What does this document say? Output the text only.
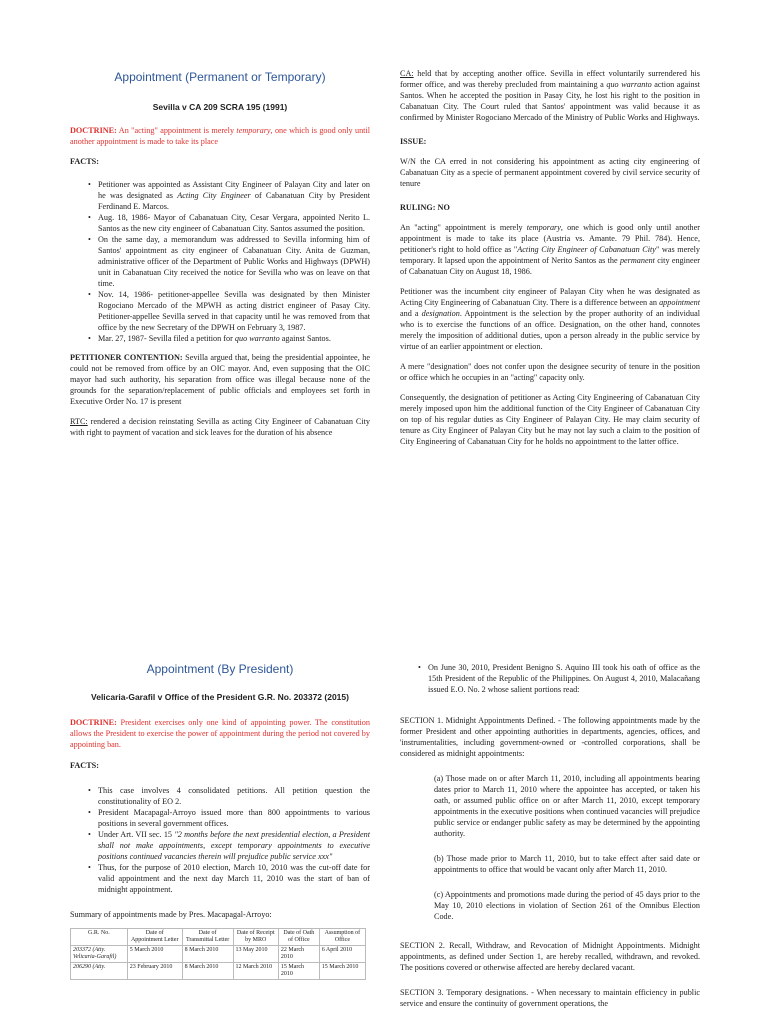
Appointment (Permanent or Temporary)
Sevilla v CA 209 SCRA 195 (1991)

DOCTRINE: An "acting" appointment is merely temporary, one which is good only until another appointment is made to take its place

FACTS:

• Petitioner was appointed as Assistant City Engineer of Palayan City and later on he was designated as Acting City Engineer of Cabanatuan City by President Ferdinand E. Marcos.
• Aug. 18, 1986- Mayor of Cabanatuan City, Cesar Vergara, appointed Nerito L. Santos as the new city engineer of Cabanatuan City. Santos assumed the position.
• On the same day, a memorandum was addressed to Sevilla informing him of Santos' appointment as city engineer of Cabanatuan City. Anita de Guzman, administrative officer of the Department of Public Works and Highways (DPWH) unit in Cabanatuan City received the notice for Sevilla who was on leave on that time.
• Nov. 14, 1986- petitioner-appellee Sevilla was designated by then Minister Rogociano Mercado of the MPWH as acting district engineer of Pasay City. Petitioner-appellee Sevilla served in that capacity until he was removed from that office by the new Secretary of the DPWH on February 3, 1987.
• Mar. 27, 1987- Sevilla filed a petition for quo warranto against Santos.

PETITIONER CONTENTION: Sevilla argued that, being the presidential appointee, he could not be removed from office by an OIC mayor. And, even supposing that the OIC mayor had such authority, his separation from office was illegal because none of the grounds for the separation/replacement of public officials and employees set forth in Executive Order No. 17 is present

RTC: rendered a decision reinstating Sevilla as acting City Engineer of Cabanatuan City with right to payment of vacation and sick leaves for the duration of his absence

CA: held that by accepting another office. Sevilla in effect voluntarily surrendered his former office, and was thereby precluded from maintaining a quo warranto action against Santos. When he accepted the position in Pasay City, he lost his right to the position in Cabanatuan City. The Court ruled that Santos' appointment was valid because it as confirmed by Minister Rogociano Mercado of the Ministry of Public Works and Highways.

ISSUE:

W/N the CA erred in not considering his appointment as acting city engineering of Cabanatuan City as a specie of permanent appointment covered by civil service security of tenure

RULING: NO

An "acting" appointment is merely temporary, one which is good only until another appointment is made to take its place (Austria vs. Amante. 79 Phil. 784). Hence, petitioner's right to hold office as "Acting City Engineer of Cabanatuan City" was merely temporary. It lapsed upon the appointment of Nerito Santos as the permanent city engineer of Cabanatuan City on August 18, 1986.

Petitioner was the incumbent city engineer of Palayan City when he was designated as Acting City Engineering of Cabanatuan City. There is a difference between an appointment and a designation. Appointment is the selection by the proper authority of an individual who is to exercise the functions of an office. Designation, on the other hand, connotes merely the imposition of additional duties, upon a person already in the public service by virtue of an earlier appointment or election.

A mere "designation" does not confer upon the designee security of tenure in the position or office which he occupies in an "acting" capacity only.

Consequently, the designation of petitioner as Acting City Engineering of Cabanatuan City merely imposed upon him the additional function of the City Engineer of Cabanatuan City on top of his regular duties as City Engineer of Palayan City. He may claim security of tenure as City Engineer of Palayan City but he may not lay such a claim to the position of City Engineering of Cabanatuan City for he holds no appointment to the latter office.

Appointment (By President)
Velicaria-Garafil v Office of the President G.R. No. 203372 (2015)

DOCTRINE: President exercises only one kind of appointing power. The constitution allows the President to exercise the power of appointment during the period not covered by appointing ban.

FACTS:

• This case involves 4 consolidated petitions. All petition question the constitutionality of EO 2.
• President Macapagal-Arroyo issued more than 800 appointments to various positions in several government offices.
• Under Art. VII sec. 15 "2 months before the next presidential election, a President shall not make appointments, except temporary appointments to executive positions continued vacancies therein will prejudice public service xxx"
• Thus, for the purpose of 2010 election, March 10, 2010 was the cut-off date for valid appointment and the next day March 11, 2010 was the start of ban of midnight appointment.

Summary of appointments made by Pres. Macapagal-Arroyo:

G.R. No.	Date of Appointment Letter	Date of Transmittal Letter	Date of Receipt by MRO	Date of Oath of Office	Assumption of Office
203372 (Atty. Velicaria-Garafil)	5 March 2010	8 March 2010	13 May 2010	22 March 2010	6 April 2010
206290 (Atty.	23 February 2010	8 March 2010	12 March 2010	15 March 2010	15 March 2010
• On June 30, 2010, President Benigno S. Aquino III took his oath of office as the 15th President of the Republic of the Philippines. On August 4, 2010, Malacañang issued E.O. No. 2 whose salient portions read:

SECTION 1. Midnight Appointments Defined. - The following appointments made by the former President and other appointing authorities in departments, agencies, offices, and 'instrumentalities, including government-owned or -controlled corporations, shall be considered as midnight appointments:

(a) Those made on or after March 11, 2010, including all appointments bearing dates prior to March 11, 2010 where the appointee has accepted, or taken his oath, or assumed public office on or after March 11, 2010, except temporary appointments in the executive positions when continued vacancies will prejudice public service or endanger public safety as may be determined by the appointing authority.

(b) Those made prior to March 11, 2010, but to take effect after said date or appointments to office that would be vacant only after March 11, 2010.

(c) Appointments and promotions made during the period of 45 days prior to the May 10, 2010 elections in violation of Section 261 of the Omnibus Election Code.

SECTION 2. Recall, Withdraw, and Revocation of Midnight Appointments. Midnight appointments, as defined under Section 1, are hereby recalled, withdrawn, and revoked. The positions covered or otherwise affected are hereby declared vacant.

SECTION 3. Temporary designations. - When necessary to maintain efficiency in public service and ensure the continuity of government operations, the
